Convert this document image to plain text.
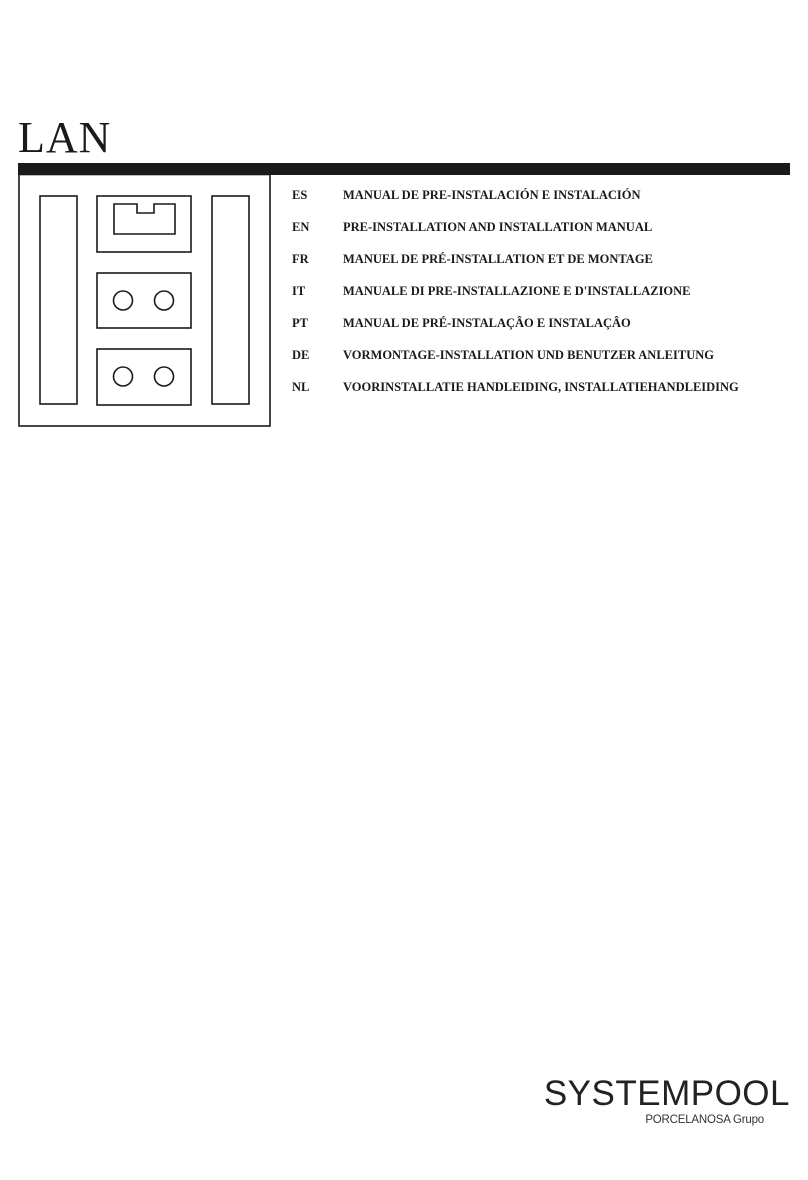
LAN
ES	MANUAL DE PRE-INSTALACIÓN E INSTALACIÓN
EN	PRE-INSTALLATION AND INSTALLATION MANUAL
FR	MANUEL DE PRÉ-INSTALLATION ET DE MONTAGE
IT	MANUALE DI PRE-INSTALLAZIONE E D'INSTALLAZIONE
PT	MANUAL DE PRÉ-INSTALAÇÂO E INSTALAÇÂO
DE	VORMONTAGE-INSTALLATION UND BENUTZER ANLEITUNG
NL	VOORINSTALLATIE HANDLEIDING, INSTALLATIEHANDLEIDING
SYSTEMPOOL
PORCELANOSA Grupo
